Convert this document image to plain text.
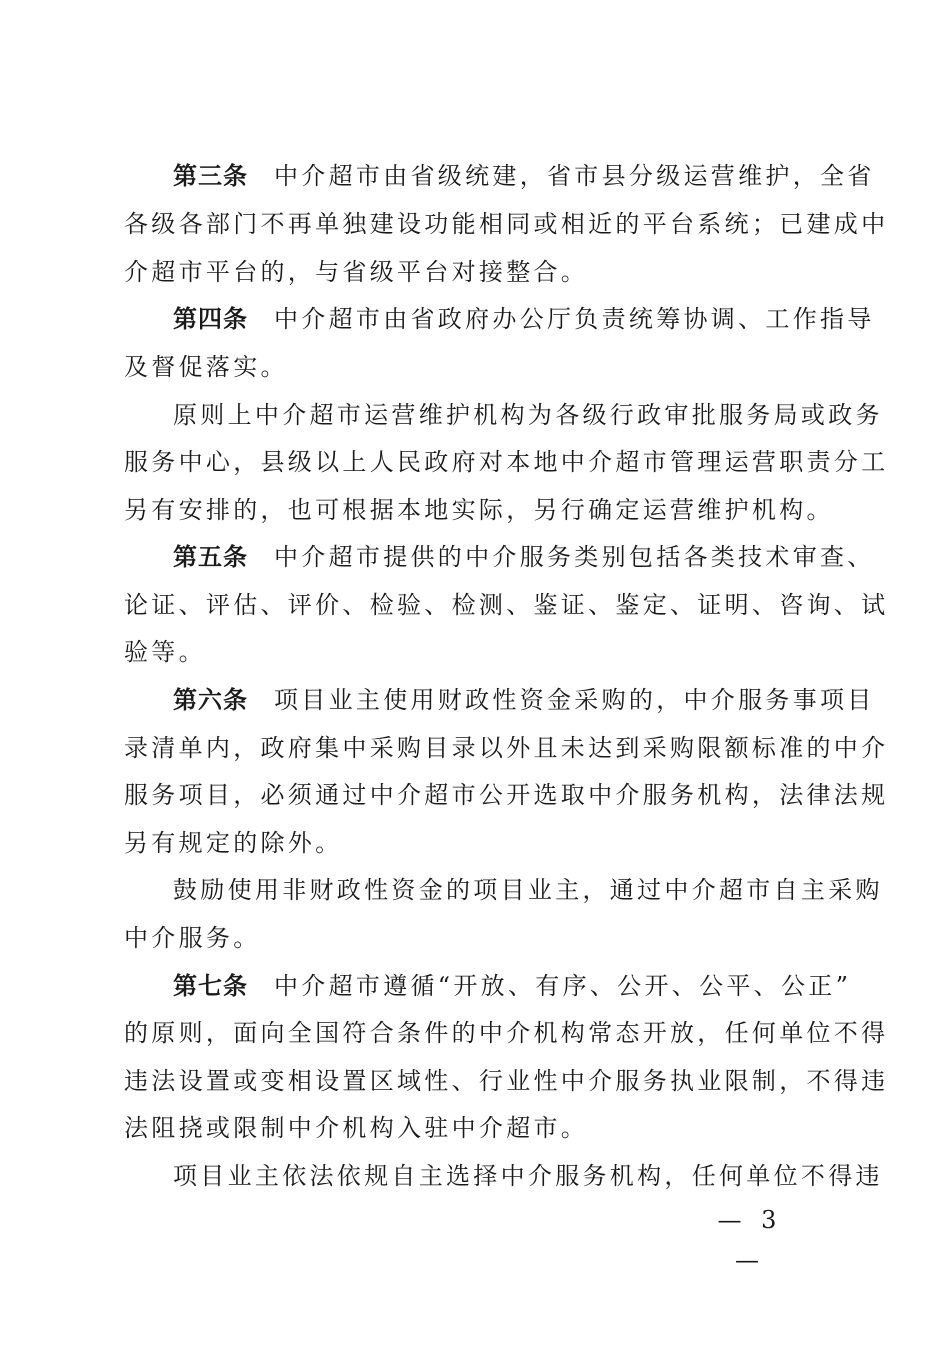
第三条 中介超市由省级统建，省市县分级运营维护，全省
各级各部门不再单独建设功能相同或相近的平台系统；已建成中
介超市平台的，与省级平台对接整合。
第四条 中介超市由省政府办公厅负责统筹协调、工作指导
及督促落实。
原则上中介超市运营维护机构为各级行政审批服务局或政务
服务中心，县级以上人民政府对本地中介超市管理运营职责分工
另有安排的，也可根据本地实际，另行确定运营维护机构。
第五条 中介超市提供的中介服务类别包括各类技术审查、
论证、评估、评价、检验、检测、鉴证、鉴定、证明、咨询、试
验等。
第六条 项目业主使用财政性资金采购的，中介服务事项目
录清单内，政府集中采购目录以外且未达到采购限额标准的中介
服务项目，必须通过中介超市公开选取中介服务机构，法律法规
另有规定的除外。
鼓励使用非财政性资金的项目业主，通过中介超市自主采购
中介服务。
第七条 中介超市遵循“开放、有序、公开、公平、公正”
的原则，面向全国符合条件的中介机构常态开放，任何单位不得
违法设置或变相设置区域性、行业性中介服务执业限制，不得违
法阻挠或限制中介机构入驻中介超市。
项目业主依法依规自主选择中介服务机构，任何单位不得违
— 3 —
